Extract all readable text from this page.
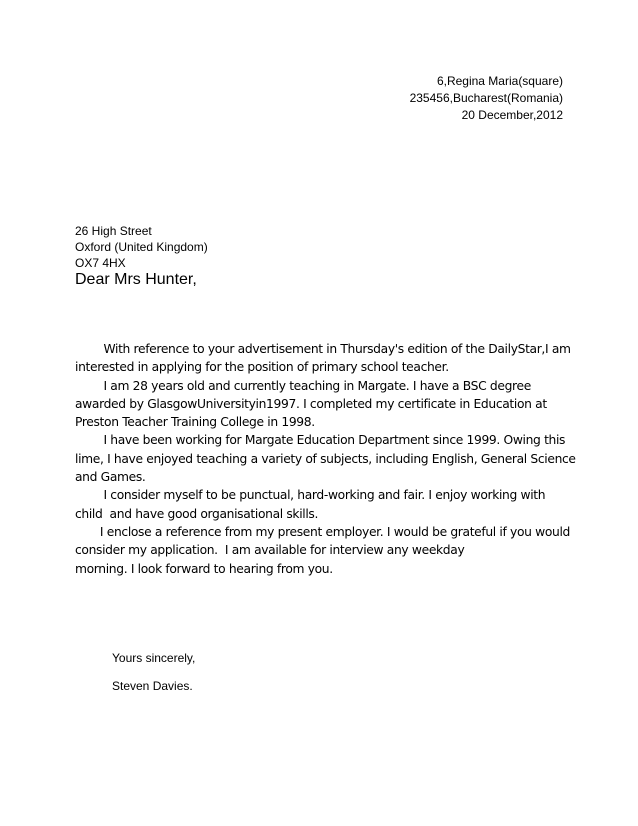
6,Regina Maria(square)
235456,Bucharest(Romania)
20 December,2012
26 High Street
Oxford (United Kingdom)
OX7 4HX
Dear Mrs Hunter,
With reference to your advertisement in Thursday's edition of the DailyStar,I am
interested in applying for the position of primary school teacher.
I am 28 years old and currently teaching in Margate. I have a BSC degree
awarded by GlasgowUniversityin1997. I completed my certificate in Education at
Preston Teacher Training College in 1998.
I have been working for Margate Education Department since 1999. Owing this
lime, I have enjoyed teaching a variety of subjects, including English, General Science
and Games.
I consider myself to be punctual, hard-working and fair. I enjoy working with
child  and have good organisational skills.
I enclose a reference from my present employer. I would be grateful if you would
consider my application.  I am available for interview any weekday
morning. I look forward to hearing from you.
Yours sincerely,
Steven Davies.
